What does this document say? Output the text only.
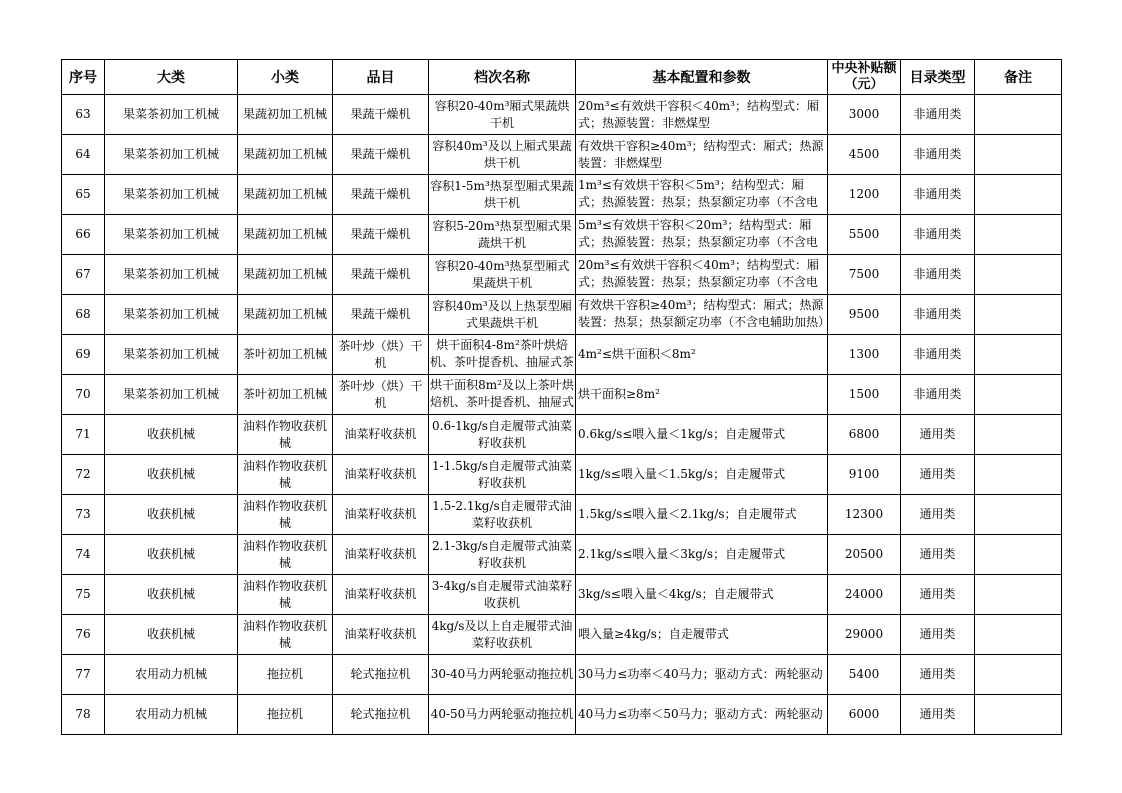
序号	大类	小类	品目	档次名称	基本配置和参数	中央补贴额（元）	目录类型	备注
63	果菜茶初加工机械	果蔬初加工机械	果蔬干燥机	容积20-40m³厢式果蔬烘干机	20m³≤有效烘干容积＜40m³；结构型式：厢式；热源装置：非燃煤型	3000	非通用类	
64	果菜茶初加工机械	果蔬初加工机械	果蔬干燥机	容积40m³及以上厢式果蔬烘干机	有效烘干容积≥40m³；结构型式：厢式；热源装置：非燃煤型	4500	非通用类	
65	果菜茶初加工机械	果蔬初加工机械	果蔬干燥机	容积1-5m³热泵型厢式果蔬烘干机	1m³≤有效烘干容积＜5m³；结构型式：厢式；热源装置：热泵；热泵额定功率（不含电	1200	非通用类	
66	果菜茶初加工机械	果蔬初加工机械	果蔬干燥机	容积5-20m³热泵型厢式果蔬烘干机	5m³≤有效烘干容积＜20m³；结构型式：厢式；热源装置：热泵；热泵额定功率（不含电	5500	非通用类	
67	果菜茶初加工机械	果蔬初加工机械	果蔬干燥机	容积20-40m³热泵型厢式果蔬烘干机	20m³≤有效烘干容积＜40m³；结构型式：厢式；热源装置：热泵；热泵额定功率（不含电	7500	非通用类	
68	果菜茶初加工机械	果蔬初加工机械	果蔬干燥机	容积40m³及以上热泵型厢式果蔬烘干机	有效烘干容积≥40m³；结构型式：厢式；热源装置：热泵；热泵额定功率（不含电辅助加热）	9500	非通用类	
69	果菜茶初加工机械	茶叶初加工机械	茶叶炒（烘）干机	烘干面积4-8m²茶叶烘焙机、茶叶提香机、抽屉式茶	4m²≤烘干面积＜8m²	1300	非通用类	
70	果菜茶初加工机械	茶叶初加工机械	茶叶炒（烘）干机	烘干面积8m²及以上茶叶烘焙机、茶叶提香机、抽屉式	烘干面积≥8m²	1500	非通用类	
71	收获机械	油料作物收获机械	油菜籽收获机	0.6-1kg/s自走履带式油菜籽收获机	0.6kg/s≤喂入量＜1kg/s；自走履带式	6800	通用类	
72	收获机械	油料作物收获机械	油菜籽收获机	1-1.5kg/s自走履带式油菜籽收获机	1kg/s≤喂入量＜1.5kg/s；自走履带式	9100	通用类	
73	收获机械	油料作物收获机械	油菜籽收获机	1.5-2.1kg/s自走履带式油菜籽收获机	1.5kg/s≤喂入量＜2.1kg/s；自走履带式	12300	通用类	
74	收获机械	油料作物收获机械	油菜籽收获机	2.1-3kg/s自走履带式油菜籽收获机	2.1kg/s≤喂入量＜3kg/s；自走履带式	20500	通用类	
75	收获机械	油料作物收获机械	油菜籽收获机	3-4kg/s自走履带式油菜籽收获机	3kg/s≤喂入量＜4kg/s；自走履带式	24000	通用类	
76	收获机械	油料作物收获机械	油菜籽收获机	4kg/s及以上自走履带式油菜籽收获机	喂入量≥4kg/s；自走履带式	29000	通用类	
77	农用动力机械	拖拉机	轮式拖拉机	30-40马力两轮驱动拖拉机	30马力≤功率＜40马力；驱动方式：两轮驱动	5400	通用类	
78	农用动力机械	拖拉机	轮式拖拉机	40-50马力两轮驱动拖拉机	40马力≤功率＜50马力；驱动方式：两轮驱动	6000	通用类	
